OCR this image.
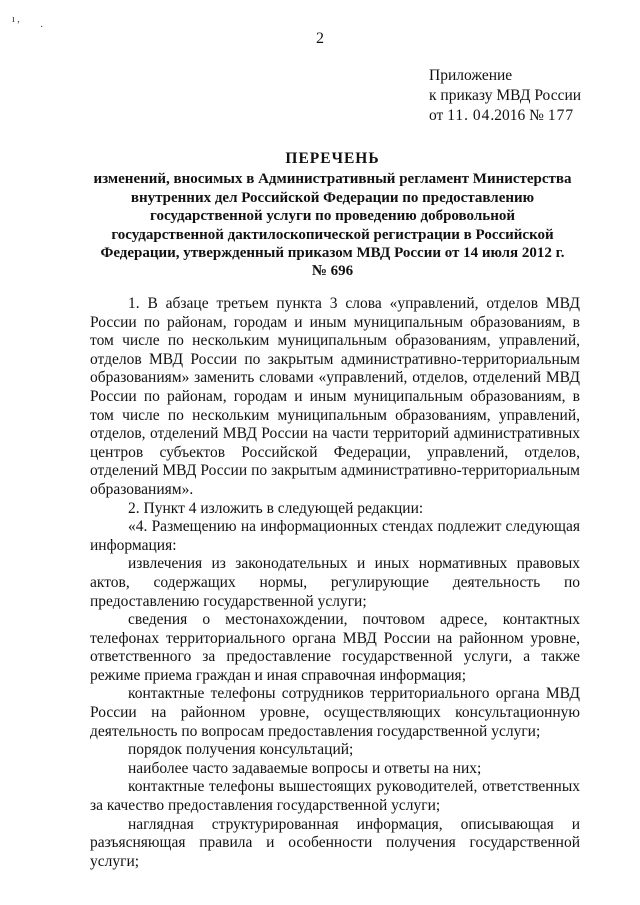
ı ,
·
2
Приложение
к приказу МВД России
от 11. 04.2016 № 177
ПЕРЕЧЕНЬ
изменений, вносимых в Административный регламент Министерства
внутренних дел Российской Федерации по предоставлению
государственной услуги по проведению добровольной
государственной дактилоскопической регистрации в Российской
Федерации, утвержденный приказом МВД России от 14 июля 2012 г.
№ 696

1. В абзаце третьем пункта 3 слова «управлений, отделов МВД России по районам, городам и иным муниципальным образованиям, в том числе по нескольким муниципальным образованиям, управлений, отделов МВД России по закрытым административно-территориальным образованиям» заменить словами «управлений, отделов, отделений МВД России по районам, городам и иным муниципальным образованиям, в том числе по нескольким муниципальным образованиям, управлений, отделов, отделений МВД России на части территорий административных центров субъектов Российской Федерации, управлений, отделов, отделений МВД России по закрытым административно-территориальным образованиям».

2. Пункт 4 изложить в следующей редакции:

«4. Размещению на информационных стендах подлежит следующая информация:

извлечения из законодательных и иных нормативных правовых актов, содержащих нормы, регулирующие деятельность по предоставлению государственной услуги;

сведения о местонахождении, почтовом адресе, контактных телефонах территориального органа МВД России на районном уровне, ответственного за предоставление государственной услуги, а также режиме приема граждан и иная справочная информация;

контактные телефоны сотрудников территориального органа МВД России на районном уровне, осуществляющих консультационную деятельность по вопросам предоставления государственной услуги;

порядок получения консультаций;

наиболее часто задаваемые вопросы и ответы на них;

контактные телефоны вышестоящих руководителей, ответственных за качество предоставления государственной услуги;

наглядная структурированная информация, описывающая и разъясняющая правила и особенности получения государственной услуги;
